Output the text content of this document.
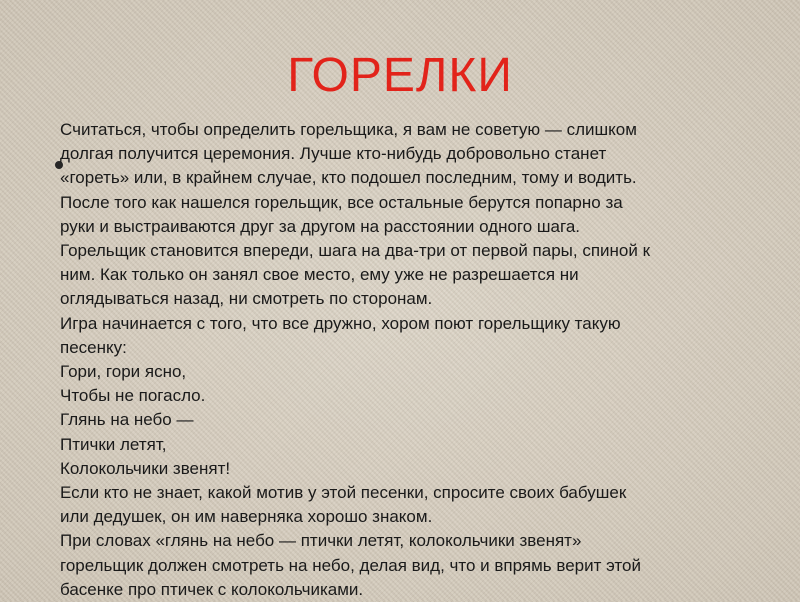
ГОРЕЛКИ
Считаться, чтобы определить горельщика, я вам не советую — слишком
долгая получится церемония. Лучше кто-нибудь добровольно станет
«гореть» или, в крайнем случае, кто подошел последним, тому и водить.
После того как нашелся горельщик, все остальные берутся попарно за
руки и выстраиваются друг за другом на расстоянии одного шага.
Горельщик становится впереди, шага на два-три от первой пары, спиной к
ним. Как только он занял свое место, ему уже не разрешается ни
оглядываться назад, ни смотреть по сторонам.
Игра начинается с того, что все дружно, хором поют горельщику такую
песенку:
Гори, гори ясно,
Чтобы не погасло.
Глянь на небо —
Птички летят,
Колокольчики звенят!
Если кто не знает, какой мотив у этой песенки, спросите своих бабушек
или дедушек, он им наверняка хорошо знаком.
При словах «глянь на небо — птички летят, колокольчики звенят»
горельщик должен смотреть на небо, делая вид, что и впрямь верит этой
басенке про птичек с колокольчиками.
